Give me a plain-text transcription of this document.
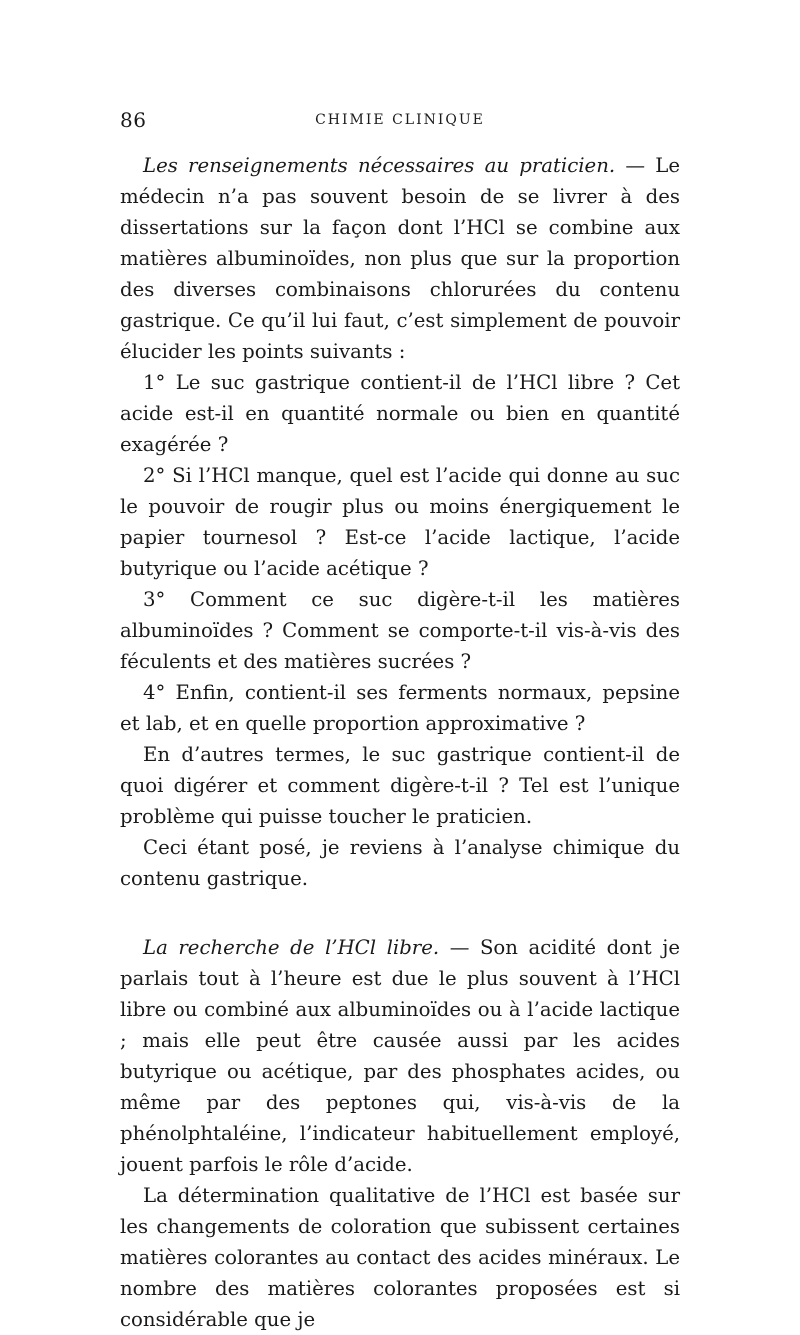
86	CHIMIE CLINIQUE

Les renseignements nécessaires au praticien. — Le médecin n’a pas souvent besoin de se livrer à des dissertations sur la façon dont l’HCl se combine aux matières albuminoïdes, non plus que sur la proportion des diverses combinaisons chlorurées du contenu gastrique. Ce qu’il lui faut, c’est simplement de pouvoir élucider les points suivants :

1° Le suc gastrique contient-il de l’HCl libre ? Cet acide est-il en quantité normale ou bien en quantité exagérée ?

2° Si l’HCl manque, quel est l’acide qui donne au suc le pouvoir de rougir plus ou moins énergiquement le papier tournesol ? Est-ce l’acide lactique, l’acide butyrique ou l’acide acétique ?

3° Comment ce suc digère-t-il les matières albuminoïdes ? Comment se comporte-t-il vis-à-vis des féculents et des matières sucrées ?

4° Enfin, contient-il ses ferments normaux, pepsine et lab, et en quelle proportion approximative ?

En d’autres termes, le suc gastrique contient-il de quoi digérer et comment digère-t-il ? Tel est l’unique problème qui puisse toucher le praticien.

Ceci étant posé, je reviens à l’analyse chimique du contenu gastrique.

La recherche de l’HCl libre. — Son acidité dont je parlais tout à l’heure est due le plus souvent à l’HCl libre ou combiné aux albuminoïdes ou à l’acide lactique ; mais elle peut être causée aussi par les acides butyrique ou acétique, par des phosphates acides, ou même par des peptones qui, vis-à-vis de la phénolphtaléine, l’indicateur habituellement employé, jouent parfois le rôle d’acide.

La détermination qualitative de l’HCl est basée sur les changements de coloration que subissent certaines matières colorantes au contact des acides minéraux. Le nombre des matières colorantes proposées est si considérable que je
